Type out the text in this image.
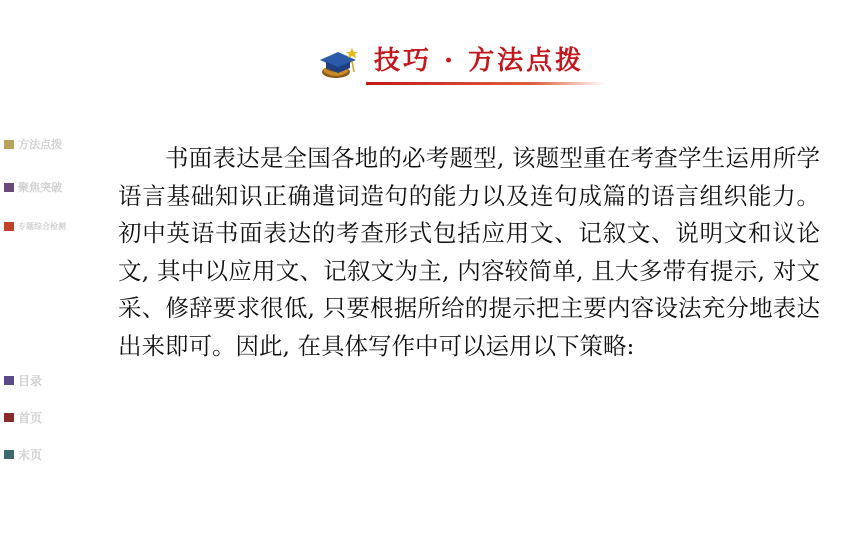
技巧 · 方法点拨
方法点拨
聚焦突破
专题综合检测
目录
首页
末页

书面表达是全国各地的必考题型, 该题型重在考查学生运用所学语言基础知识正确遣词造句的能力以及连句成篇的语言组织能力。初中英语书面表达的考查形式包括应用文、记叙文、说明文和议论文, 其中以应用文、记叙文为主, 内容较简单, 且大多带有提示, 对文采、修辞要求很低, 只要根据所给的提示把主要内容设法充分地表达出来即可。因此, 在具体写作中可以运用以下策略:
